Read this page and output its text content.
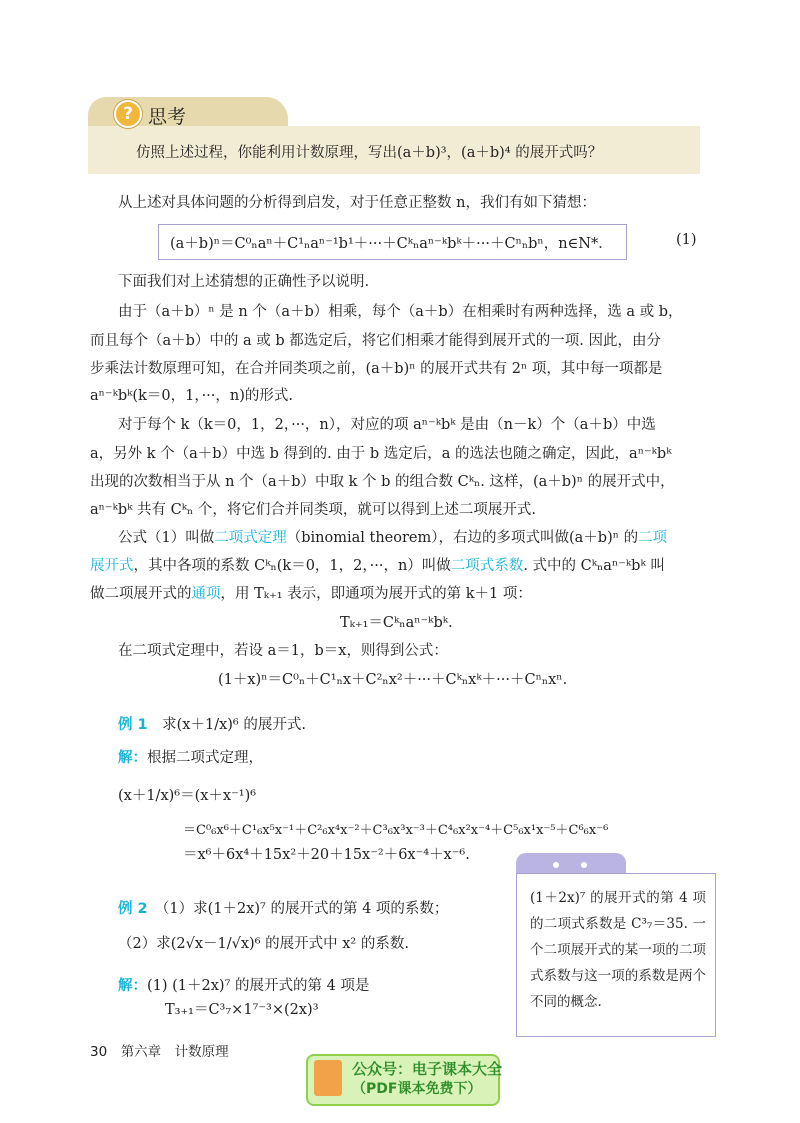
? 思考
仿照上述过程，你能利用计数原理，写出(a＋b)³，(a＋b)⁴ 的展开式吗？
从上述对具体问题的分析得到启发，对于任意正整数 n，我们有如下猜想：
(a＋b)ⁿ＝C⁰ₙaⁿ＋C¹ₙaⁿ⁻¹b¹＋···＋Cᵏₙaⁿ⁻ᵏbᵏ＋···＋Cⁿₙbⁿ，n∈N*．	(1)
下面我们对上述猜想的正确性予以说明.
由于（a＋b）ⁿ 是 n 个（a＋b）相乘，每个（a＋b）在相乘时有两种选择，选 a 或 b，
而且每个（a＋b）中的 a 或 b 都选定后，将它们相乘才能得到展开式的一项. 因此，由分
步乘法计数原理可知，在合并同类项之前，(a＋b)ⁿ 的展开式共有 2ⁿ 项，其中每一项都是
aⁿ⁻ᵏbᵏ(k＝0，1，···，n)的形式.
对于每个 k（k＝0，1，2，···，n），对应的项 aⁿ⁻ᵏbᵏ 是由（n－k）个（a＋b）中选
a，另外 k 个（a＋b）中选 b 得到的. 由于 b 选定后，a 的选法也随之确定，因此，aⁿ⁻ᵏbᵏ
出现的次数相当于从 n 个（a＋b）中取 k 个 b 的组合数 Cᵏₙ. 这样，(a＋b)ⁿ 的展开式中，
aⁿ⁻ᵏbᵏ 共有 Cᵏₙ 个，将它们合并同类项，就可以得到上述二项展开式.
公式（1）叫做二项式定理（binomial theorem），右边的多项式叫做(a＋b)ⁿ 的二项
展开式，其中各项的系数 Cᵏₙ(k＝0，1，2，···，n）叫做二项式系数. 式中的 Cᵏₙaⁿ⁻ᵏbᵏ 叫
做二项展开式的通项，用 Tₖ₊₁ 表示，即通项为展开式的第 k＋1 项：
Tₖ₊₁＝Cᵏₙaⁿ⁻ᵏbᵏ.
在二项式定理中，若设 a＝1，b＝x，则得到公式：
(1＋x)ⁿ＝C⁰ₙ＋C¹ₙx＋C²ₙx²＋···＋Cᵏₙxᵏ＋···＋Cⁿₙxⁿ.
例 1　 求(x＋1/x)⁶ 的展开式.
解：根据二项式定理，
(x＋1/x)⁶＝(x＋x⁻¹)⁶
＝C⁰₆x⁶＋C¹₆x⁵x⁻¹＋C²₆x⁴x⁻²＋C³₆x³x⁻³＋C⁴₆x²x⁻⁴＋C⁵₆x¹x⁻⁵＋C⁶₆x⁻⁶
＝x⁶＋6x⁴＋15x²＋20＋15x⁻²＋6x⁻⁴＋x⁻⁶.
例 2　 （1）求(1＋2x)⁷ 的展开式的第 4 项的系数；
（2）求(2√x－1/√x)⁶ 的展开式中 x² 的系数.
解：(1) (1＋2x)⁷ 的展开式的第 4 项是
T₃₊₁＝C³₇×1⁷⁻³×(2x)³
(1＋2x)⁷ 的展开式的第 4 项的二项式系数是 C³₇＝35. 一个二项展开式的某一项的二项式系数与这一项的系数是两个不同的概念.
30　 第六章　计数原理
公众号：电子课本大全
（PDF课本免费下）
